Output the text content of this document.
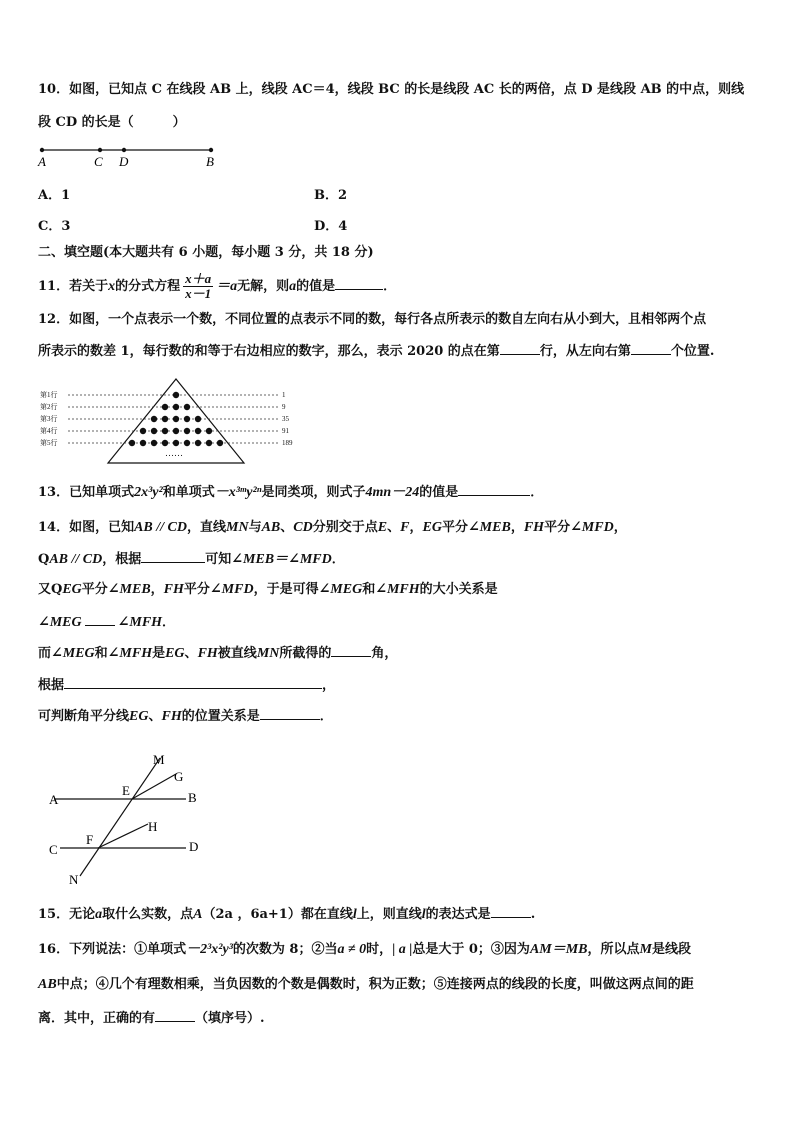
10．如图，已知点 C 在线段 AB 上，线段 AC＝4，线段 BC 的长是线段 AC 长的两倍，点 D 是线段 AB 的中点，则线
段 CD 的长是（　　　）
A	C D	B
A．1	B．2
C．3	D．4
二、填空题(本大题共有 6 小题，每小题 3 分，共 18 分)
11．若关于x的分式方程 $\frac{x+a}{x-1} =a$无解，则a的值是	．
12．如图，一个点表示一个数，不同位置的点表示不同的数，每行各点所表示的数自左向右从小到大，且相邻两个点
所表示的数差 1，每行数的和等于右边相应的数字，那么，表示 2020 的点在第	行，从左向右第	个位置.
第1行
第2行
第3行
第4行
第5行
1
9
35
91
189
……
13．已知单项式2x³y²和单项式－x³ᵐy²ⁿ是同类项，则式子4mn－24的值是	．
14．如图，已知AB // CD，直线MN与AB、CD分别交于点E、F，EG平分∠MEB，FH平分∠MFD，
QAB // CD，根据	可知∠MEB＝∠MFD．
又QEG平分∠MEB，FH平分∠MFD，于是可得∠MEG和∠MFH的大小关系是
∠MEG	∠MFH．
而∠MEG和∠MFH是EG、FH被直线MN所截得的	角，
根据	，
可判断角平分线EG、FH的位置关系是	．
M
G
A
E	B
H
F
C	D
N
15．无论a取什么实数，点A（2a ，6a+1）都在直线l上，则直线l的表达式是	.
16．下列说法：①单项式－2³x²y³的次数为 8；②当a ≠ 0时，| a |总是大于 0；③因为AM＝MB，所以点M是线段
AB中点；④几个有理数相乘，当负因数的个数是偶数时，积为正数；⑤连接两点的线段的长度，叫做这两点间的距
离．其中，正确的有	（填序号）.
